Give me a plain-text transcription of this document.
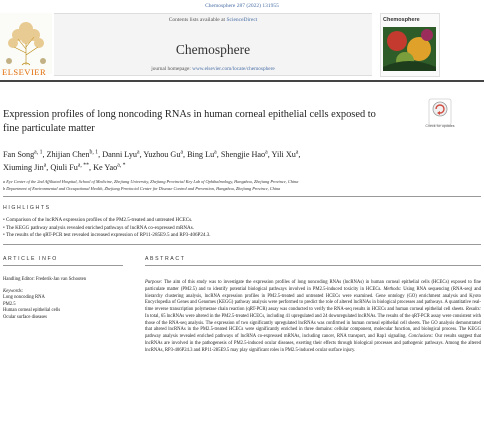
Chemosphere 287 (2022) 131955
ELSEVIER
Contents lists available at ScienceDirect
Chemosphere
journal homepage: www.elsevier.com/locate/chemosphere
Chemosphere
Expression profiles of long noncoding RNAs in human corneal epithelial cells exposed to fine particulate matter	Check for updates
Fan Song$^{a, 1}$, Zhijian Chen$^{b, 1}$, Danni Lyu$^a$, Yuzhou Gu$^a$, Bing Lu$^a$, Shengjie Hao$^a$, Yili Xu$^a$,
Xiuming Jin$^a$, Qiuli $Fu^{a, **}$, Ke Yao$^{a, *}$
a Eye Center of the 2nd Affiliated Hospital, School of Medicine, Zhejiang University, Zhejiang Provincial Key Lab of Ophthalmology, Hangzhou, Zhejiang Province, China
b Department of Environmental and Occupational Health, Zhejiang Provincial Center for Disease Control and Prevention, Hangzhou, Zhejiang Province, China
HIGHLIGHTS
• Comparison of the lncRNA expression profiles of the PM2.5-treated and untreated HCECs.
• The KEGG pathway analysis revealed enriched pathways of lncRNA co-expressed mRNAs.
• The results of the qRT-PCR test revealed increased expression of RP11-285E9.5 and RP3-406P24.3.
ARTICLE INFO
Handling Editor: Frederik-Jan van Schooten
Keywords:
Long noncoding RNA
PM2.5
Human corneal epithelial cells
Ocular surface diseases
ABSTRACT
Purpose: The aim of this study was to investigate the expression profiles of long noncoding RNAs (lncRNAs) in human corneal epithelial cells (HCECs) exposed to fine particulate matter (PM2.5) and to identify potential biological pathways involved in PM2.5-induced toxicity in HCECs. Methods: Using RNA sequencing (RNA-seq) and hierarchy clustering analysis, lncRNA expression profiles in PM2.5-treated and untreated HCECs were examined. Gene ontology (GO) enrichment analysis and Kyoto Encyclopedia of Genes and Genomes (KEGG) pathway analysis were performed to predict the role of altered lncRNAs in biological processes and pathways. A quantitative real-time reverse transcription polymerase chain reaction (qRT-PCR) assay was conducted to verify the RNA-seq results in HCECs and human corneal epithelial cell sheets. Results: In total, 65 lncRNAs were altered in the PM2.5-treated HCECs, including 41 upregulated and 24 downregulated lncRNAs. The results of the qRT-PCR assay were consistent with those of the RNA-seq analysis. The expression of two significantly upregulated lncRNAs was confirmed in human corneal epithelial cell sheets. The GO analysis demonstrated that altered lncRNAs in the PM2.5-treated HCECs were significantly enriched in three domains: cellular component, molecular function, and biological process. The KEGG pathway analysis revealed enriched pathways of lncRNA co-expressed mRNAs, including cancer, RNA transport, and Rap1 signaling. Conclusions: Our results suggest that lncRNAs are involved in the pathogenesis of PM2.5-induced ocular diseases, exerting their effects through biological processes and pathogenic pathways. Among the altered lncRNAs, RP3-406P24.3 and RP11-285E9.5 may play significant roles in PM2.5-induced ocular surface injury.
